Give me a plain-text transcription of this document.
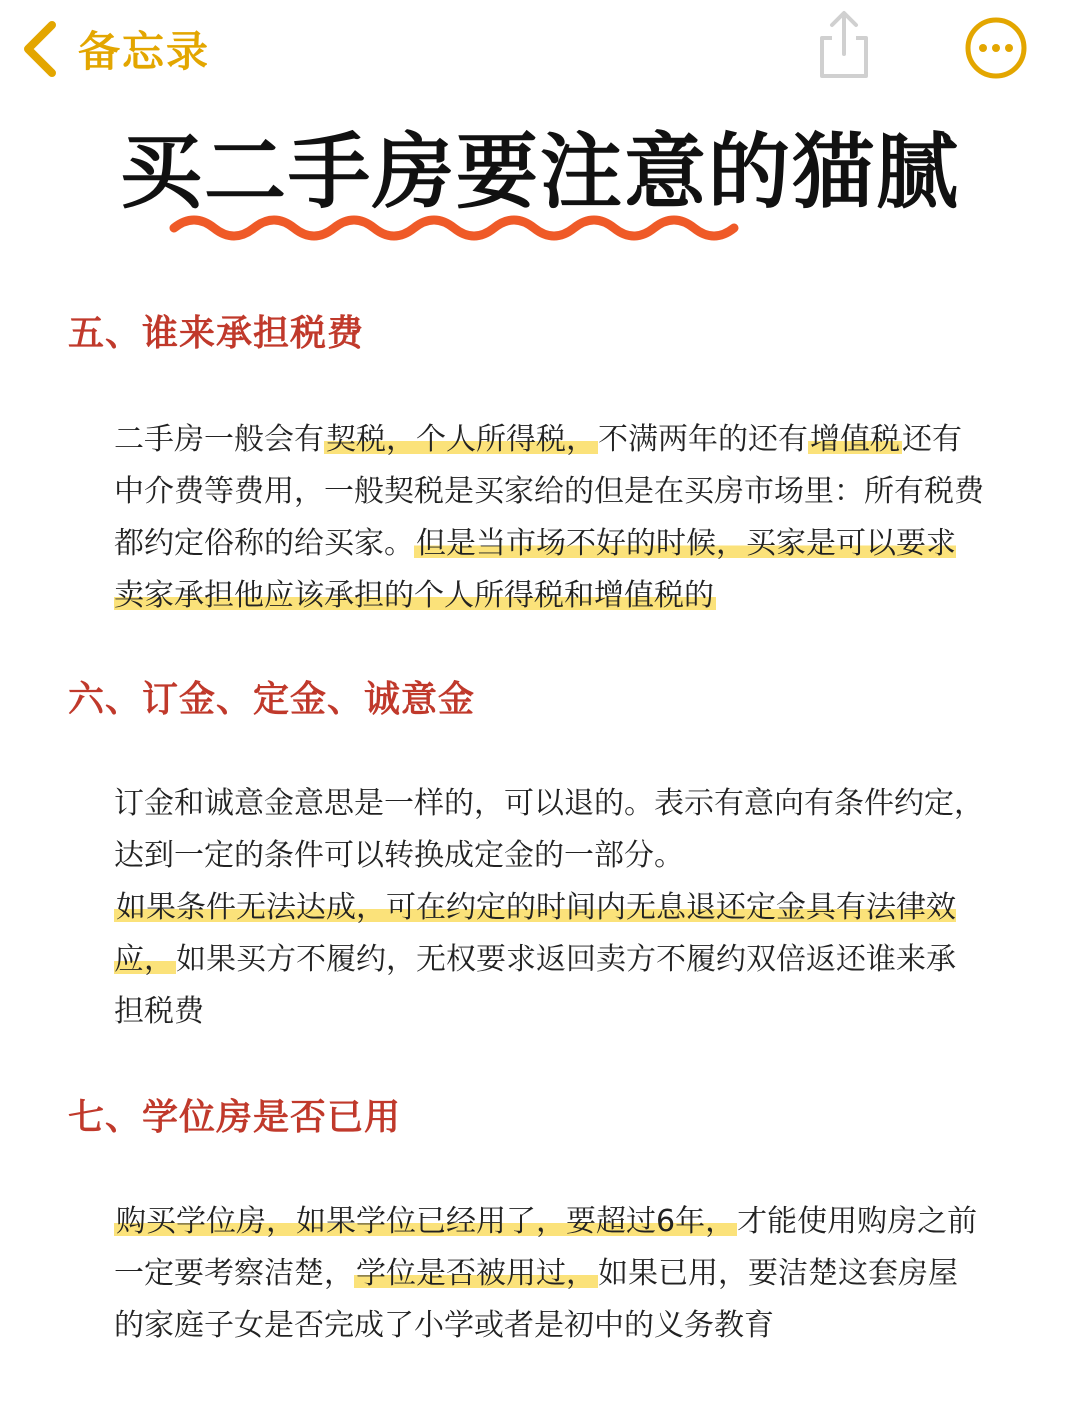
备忘录
买二手房要注意的猫腻
五、谁来承担税费

二手房一般会有契税，个人所得税，不满两年的还有增值税还有中介费等费用，一般契税是买家给的但是在买房市场里：所有税费都约定俗称的给买家。但是当市场不好的时候，买家是可以要求卖家承担他应该承担的个人所得税和增值税的

六、订金、定金、诚意金

订金和诚意金意思是一样的，可以退的。表示有意向有条件约定，达到一定的条件可以转换成定金的一部分。
如果条件无法达成，可在约定的时间内无息退还定金具有法律效应，如果买方不履约，无权要求返回卖方不履约双倍返还谁来承担税费

七、学位房是否已用

购买学位房，如果学位已经用了，要超过6年，才能使用购房之前一定要考察洁楚，学位是否被用过，如果已用，要洁楚这套房屋的家庭子女是否完成了小学或者是初中的义务教育
